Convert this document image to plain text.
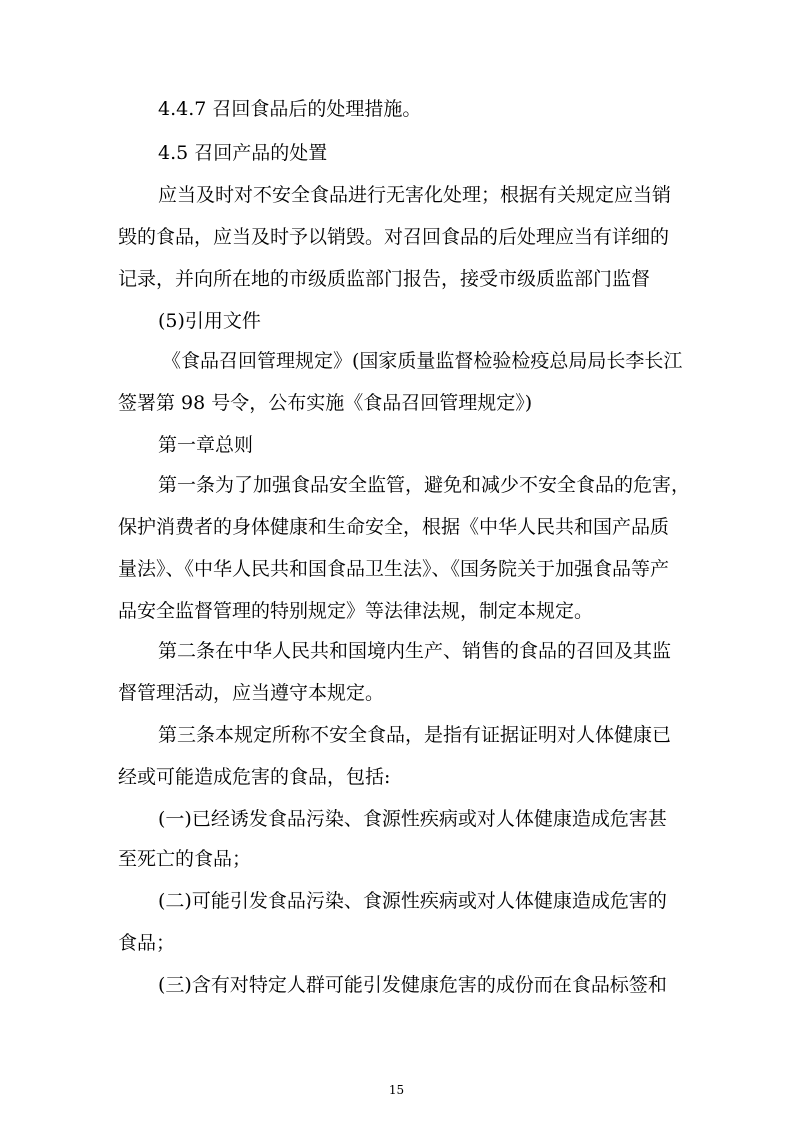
4.4.7 召回食品后的处理措施。
4.5 召回产品的处置
应当及时对不安全食品进行无害化处理；根据有关规定应当销
毁的食品，应当及时予以销毁。对召回食品的后处理应当有详细的
记录，并向所在地的市级质监部门报告，接受市级质监部门监督
(5)引用文件
《食品召回管理规定》(国家质量监督检验检疫总局局长李长江
签署第 98 号令，公布实施《食品召回管理规定》)
第一章总则
第一条为了加强食品安全监管，避免和减少不安全食品的危害，
保护消费者的身体健康和生命安全，根据《中华人民共和国产品质
量法》、《中华人民共和国食品卫生法》、《国务院关于加强食品等产
品安全监督管理的特别规定》等法律法规，制定本规定。
第二条在中华人民共和国境内生产、销售的食品的召回及其监
督管理活动，应当遵守本规定。
第三条本规定所称不安全食品，是指有证据证明对人体健康已
经或可能造成危害的食品，包括:
(一)已经诱发食品污染、食源性疾病或对人体健康造成危害甚
至死亡的食品；
(二)可能引发食品污染、食源性疾病或对人体健康造成危害的
食品；
(三)含有对特定人群可能引发健康危害的成份而在食品标签和
15
